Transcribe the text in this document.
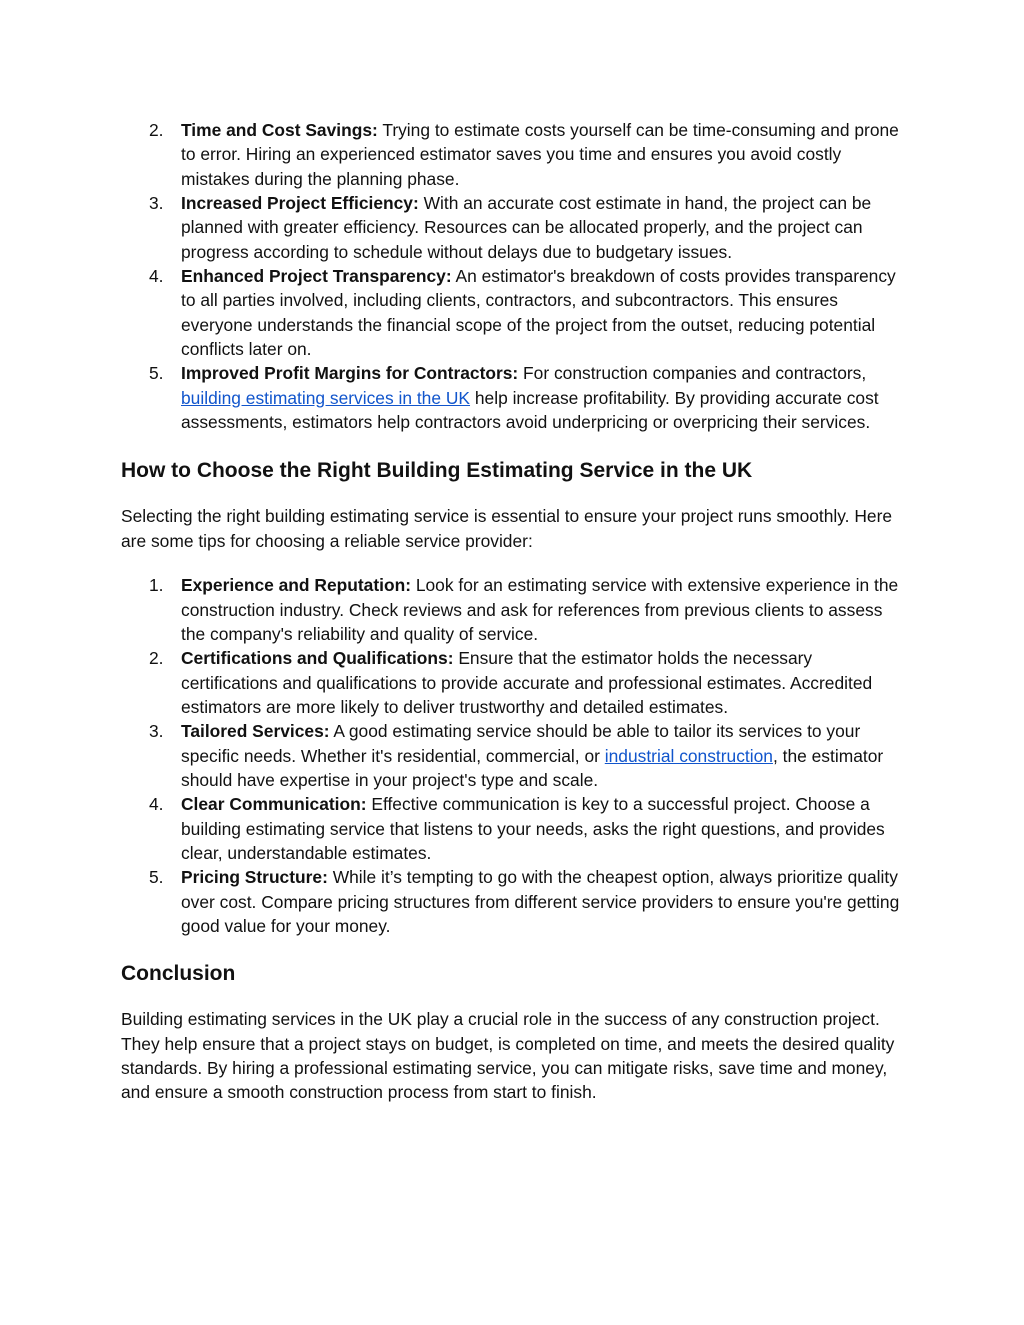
2. Time and Cost Savings: Trying to estimate costs yourself can be time-consuming and prone to error. Hiring an experienced estimator saves you time and ensures you avoid costly mistakes during the planning phase.
3. Increased Project Efficiency: With an accurate cost estimate in hand, the project can be planned with greater efficiency. Resources can be allocated properly, and the project can progress according to schedule without delays due to budgetary issues.
4. Enhanced Project Transparency: An estimator's breakdown of costs provides transparency to all parties involved, including clients, contractors, and subcontractors. This ensures everyone understands the financial scope of the project from the outset, reducing potential conflicts later on.
5. Improved Profit Margins for Contractors: For construction companies and contractors, building estimating services in the UK help increase profitability. By providing accurate cost assessments, estimators help contractors avoid underpricing or overpricing their services.
How to Choose the Right Building Estimating Service in the UK

Selecting the right building estimating service is essential to ensure your project runs smoothly. Here are some tips for choosing a reliable service provider:

1. Experience and Reputation: Look for an estimating service with extensive experience in the construction industry. Check reviews and ask for references from previous clients to assess the company's reliability and quality of service.
2. Certifications and Qualifications: Ensure that the estimator holds the necessary certifications and qualifications to provide accurate and professional estimates. Accredited estimators are more likely to deliver trustworthy and detailed estimates.
3. Tailored Services: A good estimating service should be able to tailor its services to your specific needs. Whether it's residential, commercial, or industrial construction, the estimator should have expertise in your project's type and scale.
4. Clear Communication: Effective communication is key to a successful project. Choose a building estimating service that listens to your needs, asks the right questions, and provides clear, understandable estimates.
5. Pricing Structure: While it’s tempting to go with the cheapest option, always prioritize quality over cost. Compare pricing structures from different service providers to ensure you're getting good value for your money.
Conclusion

Building estimating services in the UK play a crucial role in the success of any construction project. They help ensure that a project stays on budget, is completed on time, and meets the desired quality standards. By hiring a professional estimating service, you can mitigate risks, save time and money, and ensure a smooth construction process from start to finish.
